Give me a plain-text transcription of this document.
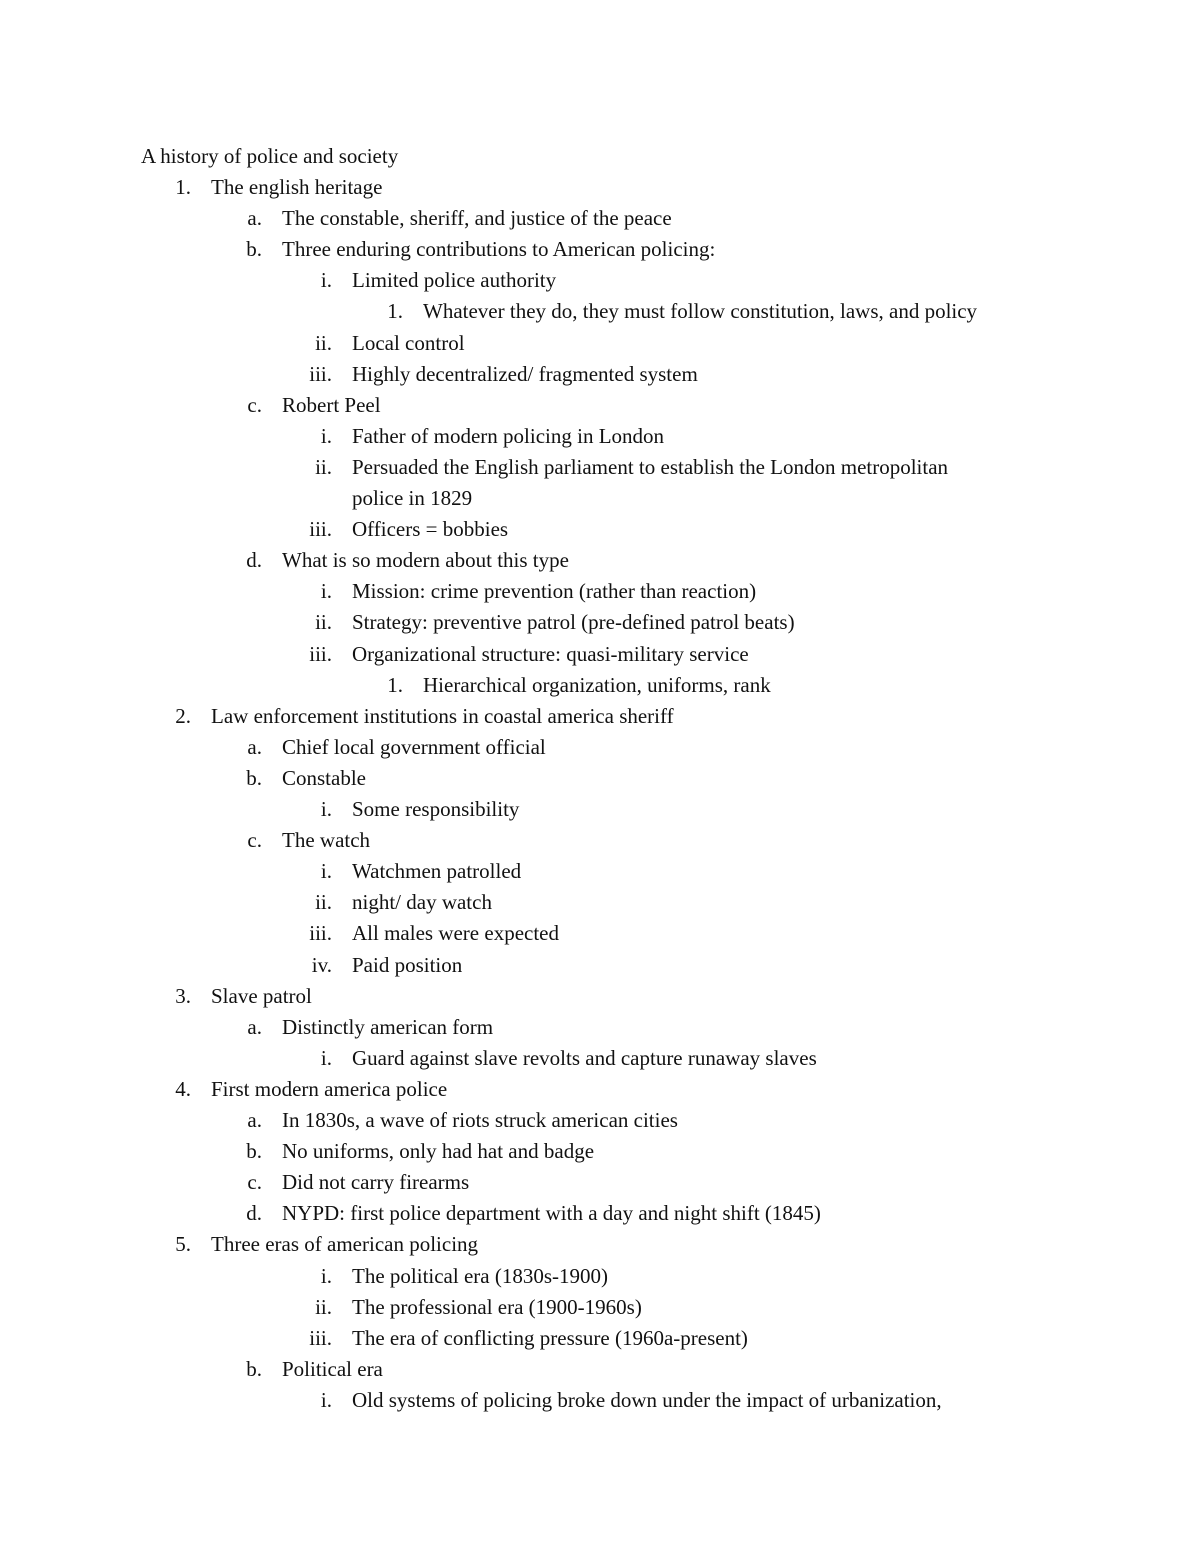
A history of police and society
1. The english heritage
a. The constable, sheriff, and justice of the peace
b. Three enduring contributions to American policing:
i. Limited police authority
1. Whatever they do, they must follow constitution, laws, and policy
ii. Local control
iii. Highly decentralized/ fragmented system
c. Robert Peel
i. Father of modern policing in London
ii. Persuaded the English parliament to establish the London metropolitan
police in 1829
iii. Officers = bobbies
d. What is so modern about this type
i. Mission: crime prevention (rather than reaction)
ii. Strategy: preventive patrol (pre-defined patrol beats)
iii. Organizational structure: quasi-military service
1. Hierarchical organization, uniforms, rank
2. Law enforcement institutions in coastal america sheriff
a. Chief local government official
b. Constable
i. Some responsibility
c. The watch
i. Watchmen patrolled
ii. night/ day watch
iii. All males were expected
iv. Paid position
3. Slave patrol
a. Distinctly american form
i. Guard against slave revolts and capture runaway slaves
4. First modern america police
a. In 1830s, a wave of riots struck american cities
b. No uniforms, only had hat and badge
c. Did not carry firearms
d. NYPD: first police department with a day and night shift (1845)
5. Three eras of american policing
i. The political era (1830s-1900)
ii. The professional era (1900-1960s)
iii. The era of conflicting pressure (1960a-present)
b. Political era
i. Old systems of policing broke down under the impact of urbanization,
